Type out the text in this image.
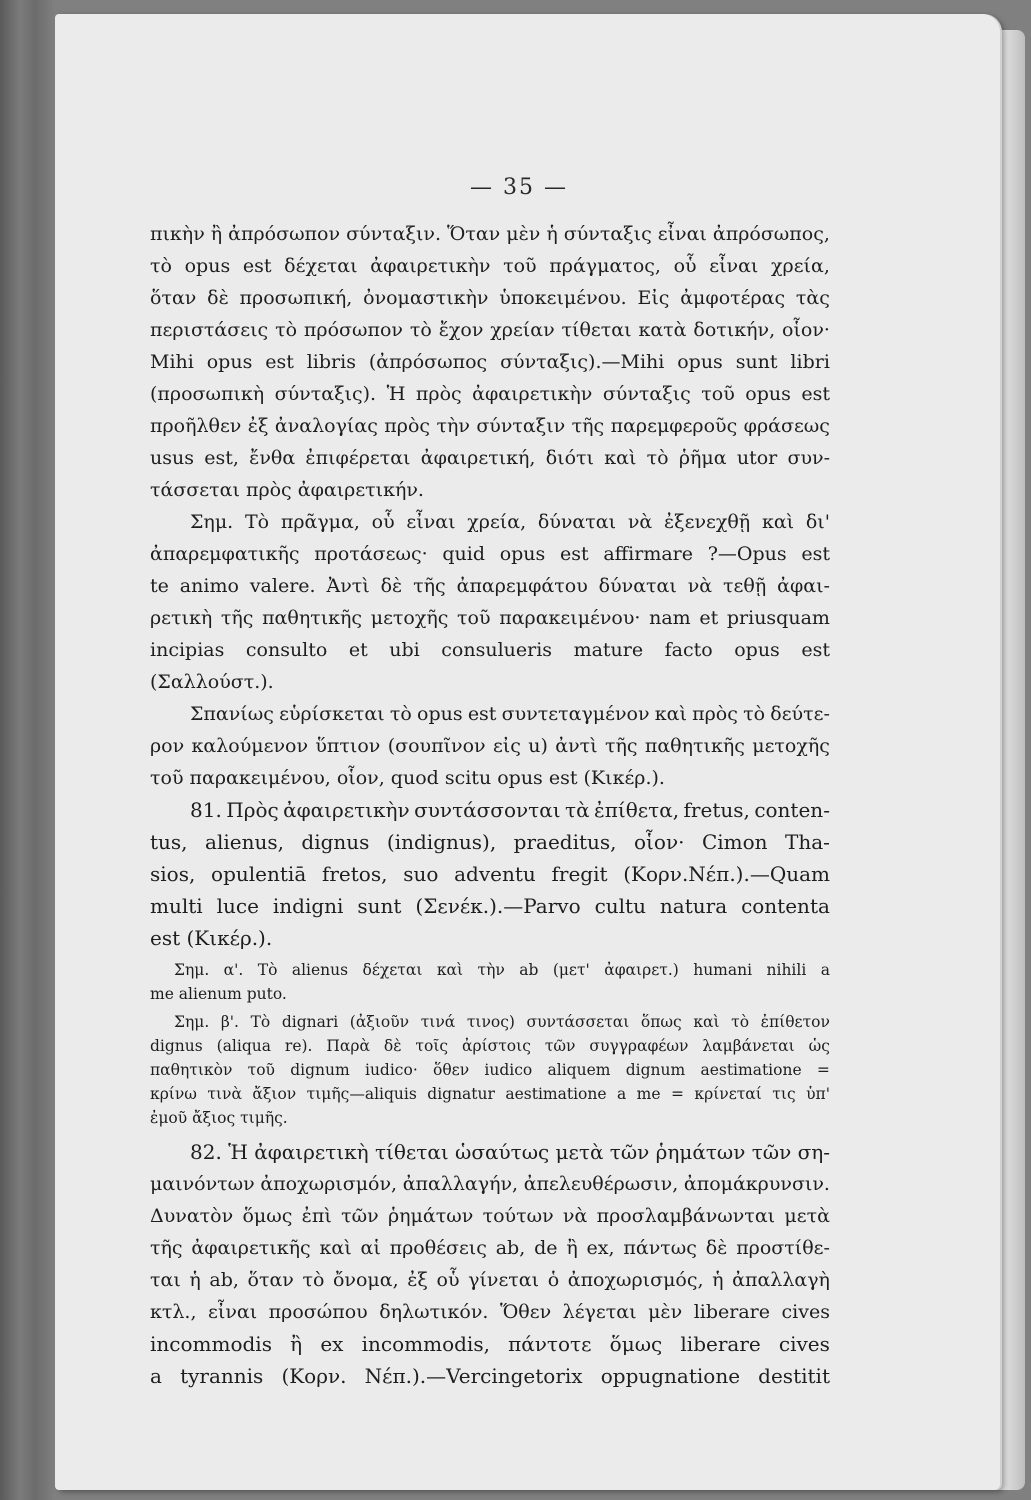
— 35 —
πικὴν ἢ ἀπρόσωπον σύνταξιν. Ὅταν μὲν ἡ σύνταξις εἶναι ἀπρόσωπος,
τὸ opus est δέχεται ἀφαιρετικὴν τοῦ πράγματος, οὗ εἶναι χρεία,
ὅταν δὲ προσωπική, ὀνομαστικὴν ὑποκειμένου. Εἰς ἀμφοτέρας τὰς
περιστάσεις τὸ πρόσωπον τὸ ἔχον χρείαν τίθεται κατὰ δοτικήν, οἷον·
Mihi opus est libris (ἀπρόσωπος σύνταξις).—Mihi opus sunt libri
(προσωπικὴ σύνταξις). Ἡ πρὸς ἀφαιρετικὴν σύνταξις τοῦ opus est
προῆλθεν ἐξ ἀναλογίας πρὸς τὴν σύνταξιν τῆς παρεμφεροῦς φράσεως
usus est, ἔνθα ἐπιφέρεται ἀφαιρετική, διότι καὶ τὸ ῥῆμα utor συν-
τάσσεται πρὸς ἀφαιρετικήν.
Σημ. Τὸ πρᾶγμα, οὗ εἶναι χρεία, δύναται νὰ ἐξενεχθῇ καὶ δι'
ἀπαρεμφατικῆς προτάσεως· quid opus est affirmare ?—Opus est
te animo valere. Ἀντὶ δὲ τῆς ἀπαρεμφάτου δύναται νὰ τεθῇ ἀφαι-
ρετικὴ τῆς παθητικῆς μετοχῆς τοῦ παρακειμένου· nam et priusquam
incipias consulto et ubi consulueris mature facto opus est
(Σαλλούστ.).
Σπανίως εὑρίσκεται τὸ opus est συντεταγμένον καὶ πρὸς τὸ δεύτε-
ρον καλούμενον ὕπτιον (σουπῖνον εἰς u) ἀντὶ τῆς παθητικῆς μετοχῆς
τοῦ παρακειμένου, οἷον, quod scitu opus est (Κικέρ.).
81. Πρὸς ἀφαιρετικὴν συντάσσονται τὰ ἐπίθετα, fretus, conten-
tus, alienus, dignus (indignus), praeditus, οἷον· Cimon Tha-
sios, opulentiā fretos, suo adventu fregit (Κορν.Νέπ.).—Quam
multi luce indigni sunt (Σενέκ.).—Parvo cultu natura contenta
est (Κικέρ.).
Σημ. α'. Τὸ alienus δέχεται καὶ τὴν ab (μετ' ἀφαιρετ.) humani nihili a
me alienum puto.
Σημ. β'. Τὸ dignari (ἀξιοῦν τινά τινος) συντάσσεται ὅπως καὶ τὸ ἐπίθετον
dignus (aliqua re). Παρὰ δὲ τοῖς ἀρίστοις τῶν συγγραφέων λαμβάνεται ὡς
παθητικὸν τοῦ dignum iudico· ὅθεν iudico aliquem dignum aestimatione =
κρίνω τινὰ ἄξιον τιμῆς—aliquis dignatur aestimatione a me = κρίνεταί τις ὑπ'
ἐμοῦ ἄξιος τιμῆς.
82. Ἡ ἀφαιρετικὴ τίθεται ὡσαύτως μετὰ τῶν ῥημάτων τῶν ση-
μαινόντων ἀποχωρισμόν, ἀπαλλαγήν, ἀπελευθέρωσιν, ἀπομάκρυνσιν.
Δυνατὸν ὅμως ἐπὶ τῶν ῥημάτων τούτων νὰ προσλαμβάνωνται μετὰ
τῆς ἀφαιρετικῆς καὶ αἱ προθέσεις ab, de ἢ ex, πάντως δὲ προστίθε-
ται ἡ ab, ὅταν τὸ ὄνομα, ἐξ οὗ γίνεται ὁ ἀποχωρισμός, ἡ ἀπαλλαγὴ
κτλ., εἶναι προσώπου δηλωτικόν. Ὅθεν λέγεται μὲν liberare cives
incommodis ἢ ex incommodis, πάντοτε ὅμως liberare cives
a tyrannis (Κορν. Νέπ.).—Vercingetorix oppugnatione destitit
